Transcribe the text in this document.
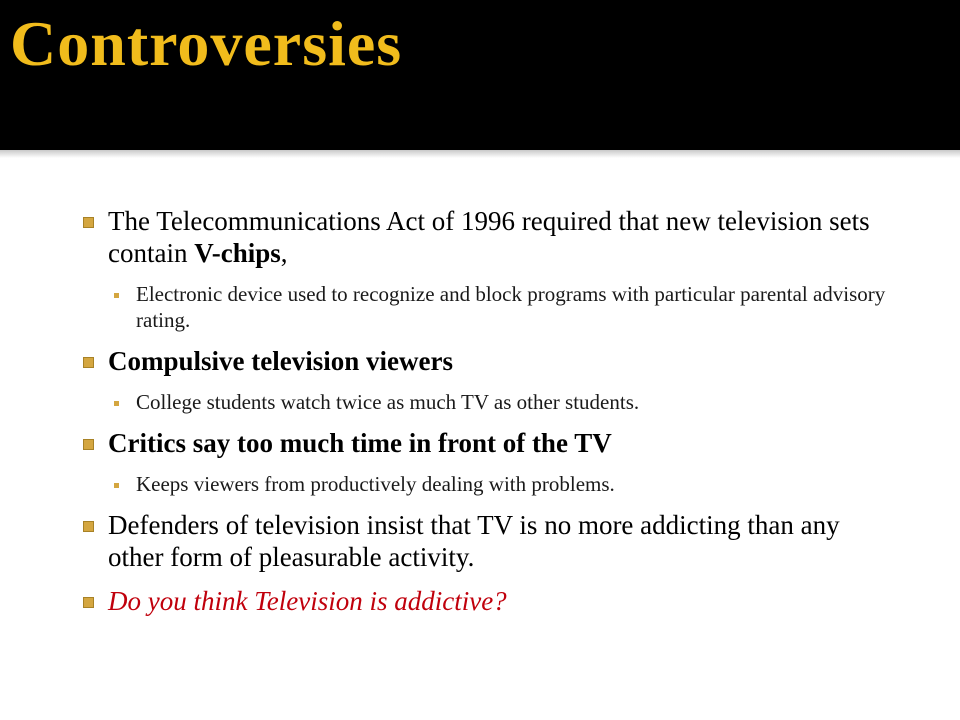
Controversies
The Telecommunications Act of 1996 required that new television sets contain V-chips,
Electronic device used to recognize and block programs with particular parental advisory rating.
Compulsive television viewers
College students watch twice as much TV as other students.
Critics say too much time in front of the TV
Keeps viewers from productively dealing with problems.
Defenders of television insist that TV is no more addicting than any other form of pleasurable activity.
Do you think Television is addictive?
